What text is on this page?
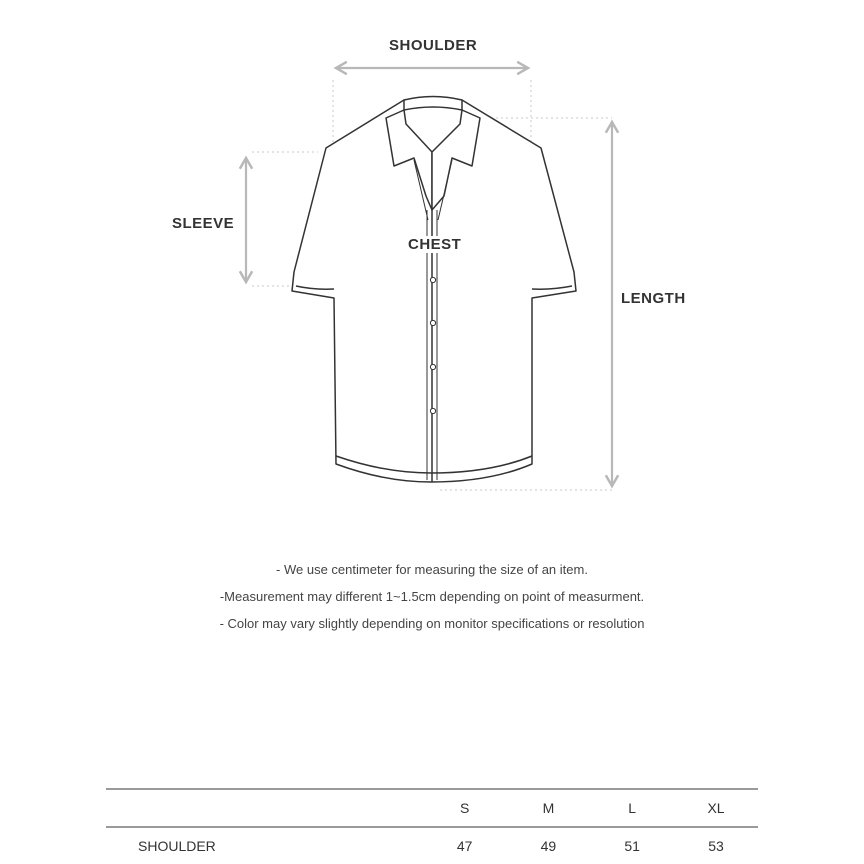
SHOULDER
SLEEVE
CHEST
LENGTH
- We use centimeter for measuring the size of an item.
-Measurement may different 1~1.5cm depending on point of measurment.
- Color may vary slightly depending on monitor specifications or resolution
	S	M	L	XL
SHOULDER	47	49	51	53
